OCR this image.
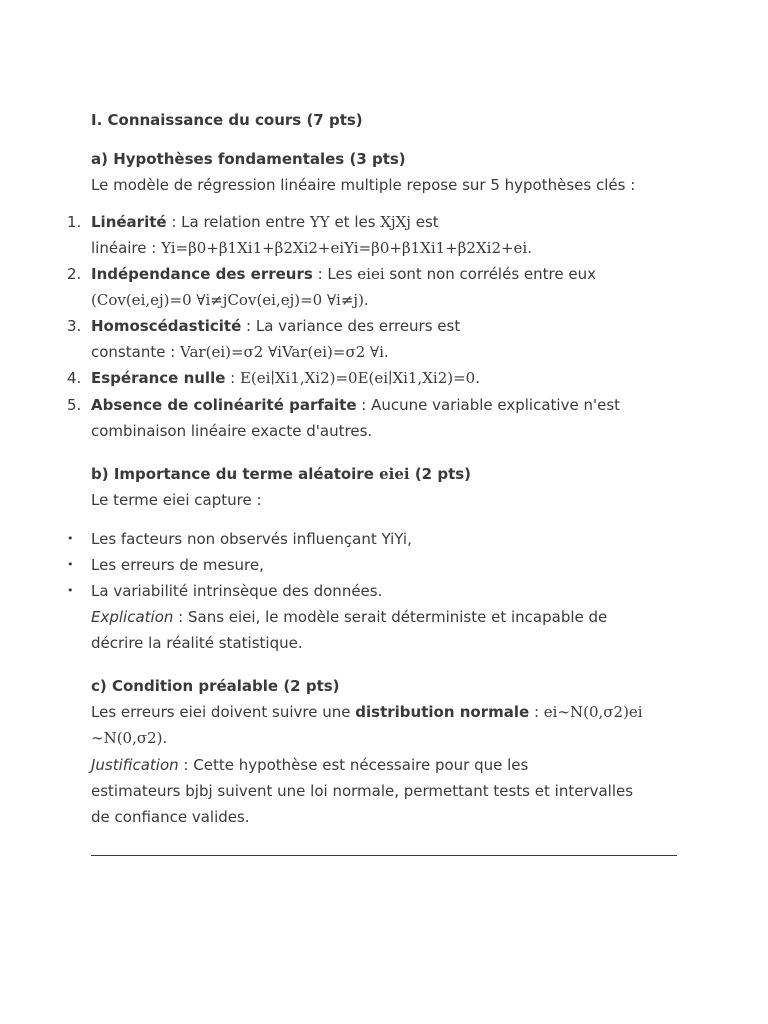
I. Connaissance du cours (7 pts)
a) Hypothèses fondamentales (3 pts)
Le modèle de régression linéaire multiple repose sur 5 hypothèses clés :
1. Linéarité : La relation entre YY et les XjXj est
linéaire : Yi=β0+β1Xi1+β2Xi2+eiYi=β0+β1Xi1+β2Xi2+ei.
2. Indépendance des erreurs : Les eiei sont non corrélés entre eux
(Cov(ei,ej)=0 ∀i≠jCov(ei,ej)=0 ∀i≠j).
3. Homoscédasticité : La variance des erreurs est
constante : Var(ei)=σ2 ∀iVar(ei)=σ2 ∀i.
4. Espérance nulle : E(ei∣Xi1,Xi2)=0E(ei∣Xi1,Xi2)=0.
5. Absence de colinéarité parfaite : Aucune variable explicative n'est
combinaison linéaire exacte d'autres.
b) Importance du terme aléatoire eiei (2 pts)
Le terme eiei capture :
• Les facteurs non observés influençant YiYi,
• Les erreurs de mesure,
• La variabilité intrinsèque des données.
Explication : Sans eiei, le modèle serait déterministe et incapable de
décrire la réalité statistique.
c) Condition préalable (2 pts)
Les erreurs eiei doivent suivre une distribution normale : ei∼N(0,σ2)ei
∼N(0,σ2).
Justification : Cette hypothèse est nécessaire pour que les
estimateurs bjbj suivent une loi normale, permettant tests et intervalles
de confiance valides.
